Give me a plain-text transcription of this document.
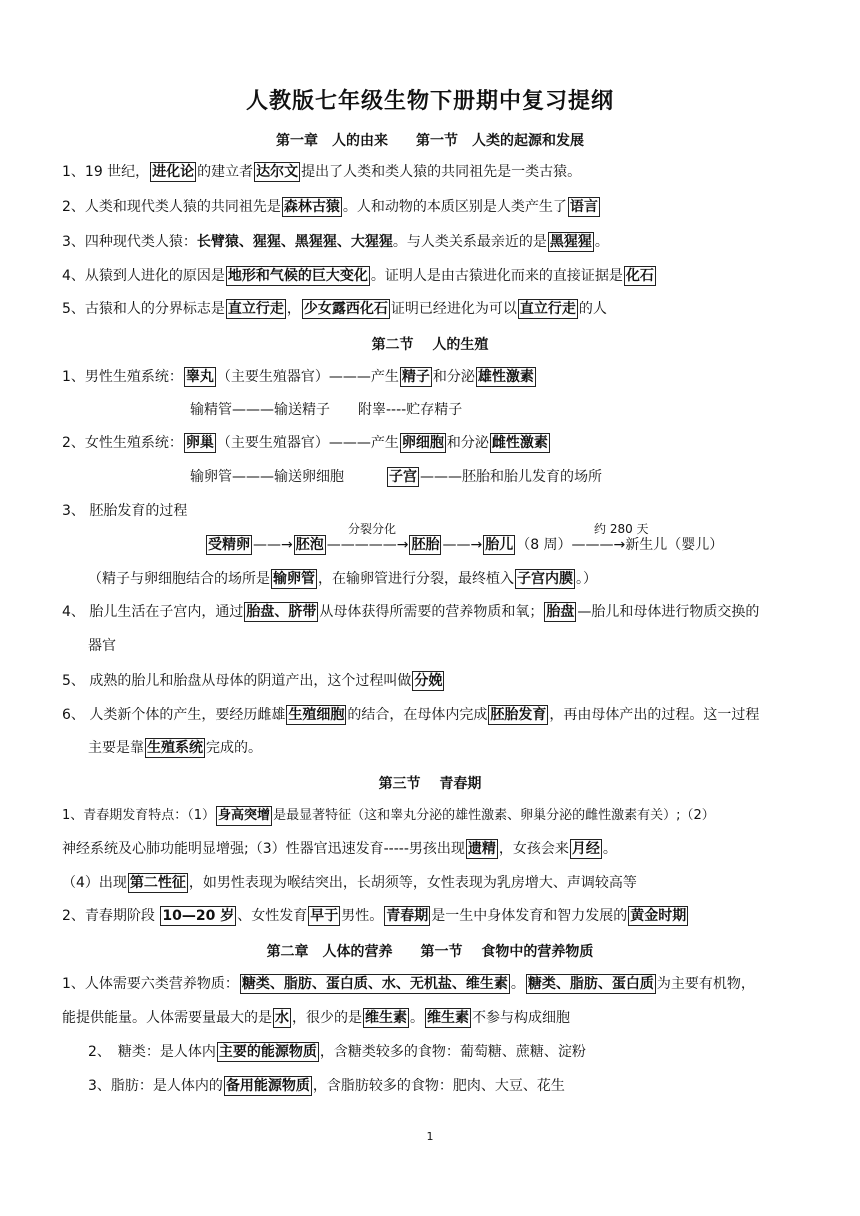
人教版七年级生物下册期中复习提纲
第一章　人的由来　　第一节　人类的起源和发展
1、19 世纪， 进化论 的建立者 达尔文 提出了人类和类人猿的共同祖先是一类古猿。
2、人类和现代类人猿的共同祖先是 森林古猿 。人和动物的本质区别是人类产生了 语言
3、四种现代类人猿：长臂猿、猩猩、黑猩猩、大猩猩。与人类关系最亲近的是 黑猩猩 。
4、从猿到人进化的原因是 地形和气候的巨大变化 。证明人是由古猿进化而来的直接证据是 化石
5、古猿和人的分界标志是 直立行走 ， 少女露西化石 证明已经进化为可以 直立行走 的人
第二节　 人的生殖
1、男性生殖系统： 睾丸 （主要生殖器官）———产生 精子 和分泌 雄性激素
输精管———输送精子　　附睾----贮存精子
2、女性生殖系统： 卵巢 （主要生殖器官）———产生 卵细胞 和分泌 雌性激素
输卵管———输送卵细胞　　　子宫 ———胚胎和胎儿发育的场所
3、 胚胎发育的过程
分裂分化	约 280 天
受精卵 ——→ 胚泡 —————→ 胚胎 ——→ 胎儿 （8 周）———→新生儿（婴儿）
（精子与卵细胞结合的场所是 输卵管 ，在输卵管进行分裂，最终植入 子宫内膜 。）
4、 胎儿生活在子宫内，通过 胎盘、脐带 从母体获得所需要的营养物质和氧； 胎盘 —胎儿和母体进行物质交换的
器官
5、 成熟的胎儿和胎盘从母体的阴道产出，这个过程叫做 分娩
6、 人类新个体的产生，要经历雌雄 生殖细胞 的结合，在母体内完成 胚胎发育 ，再由母体产出的过程。这一过程
主要是靠 生殖系统 完成的。
第三节　 青春期
1、青春期发育特点：（1） 身高突增 是最显著特征（这和睾丸分泌的雄性激素、卵巢分泌的雌性激素有关）;（2）
神经系统及心肺功能明显增强;（3）性器官迅速发育-----男孩出现 遗精 ，女孩会来 月经 。
（4）出现 第二性征 ，如男性表现为喉结突出，长胡须等，女性表现为乳房增大、声调较高等
2、青春期阶段 10—20 岁 、女性发育 早于 男性。 青春期 是一生中身体发育和智力发展的 黄金时期
第二章　人体的营养　　第一节　 食物中的营养物质
1、人体需要六类营养物质： 糖类、脂肪、蛋白质、水、无机盐、维生素 。 糖类、脂肪、蛋白质 为主要有机物，
能提供能量。人体需要量最大的是 水 ，很少的是 维生素 。 维生素 不参与构成细胞
2、　糖类：是人体内 主要的能源物质 ，含糖类较多的食物：葡萄糖、蔗糖、淀粉
3、脂肪：是人体内的 备用能源物质 ，含脂肪较多的食物：肥肉、大豆、花生
1
